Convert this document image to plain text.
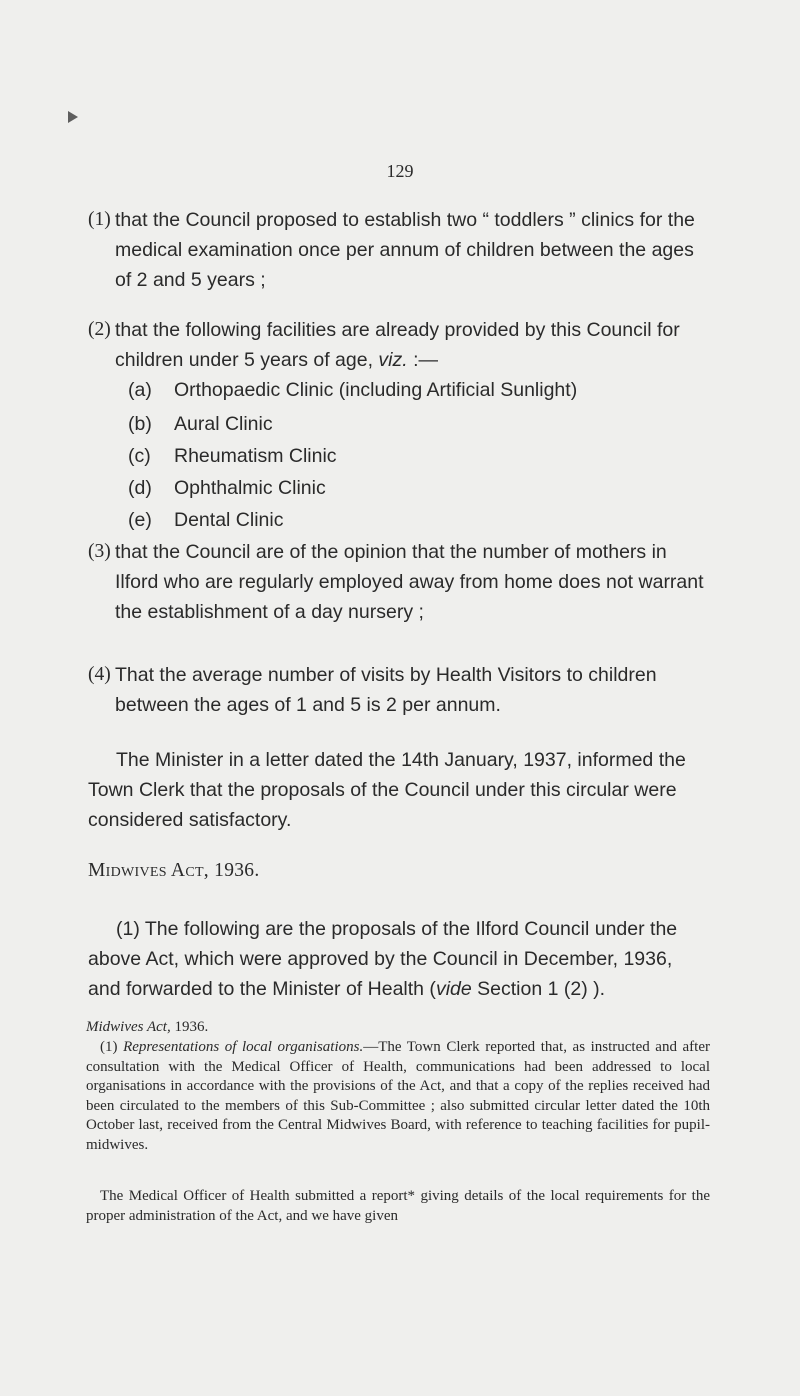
129
(1) that the Council proposed to establish two “ toddlers ” clinics for the medical examination once per annum of children between the ages of 2 and 5 years ;
(2) that the following facilities are already provided by this Council for children under 5 years of age, viz. :—
(a) Orthopaedic Clinic (including Artificial Sunlight)
(b) Aural Clinic
(c) Rheumatism Clinic
(d) Ophthalmic Clinic
(e) Dental Clinic
(3) that the Council are of the opinion that the number of mothers in Ilford who are regularly employed away from home does not warrant the establishment of a day nursery ;
(4) That the average number of visits by Health Visitors to children between the ages of 1 and 5 is 2 per annum.
The Minister in a letter dated the 14th January, 1937, informed the Town Clerk that the proposals of the Council under this circular were considered satisfactory.
Midwives Act, 1936.
(1) The following are the proposals of the Ilford Council under the above Act, which were approved by the Council in December, 1936, and forwarded to the Minister of Health (vide Section 1 (2) ).
Midwives Act, 1936.
(1) Representations of local organisations.—The Town Clerk reported that, as instructed and after consultation with the Medical Officer of Health, communications had been addressed to local organisations in accordance with the provisions of the Act, and that a copy of the replies received had been circulated to the members of this Sub-Committee ; also submitted circular letter dated the 10th October last, received from the Central Midwives Board, with reference to teaching facilities for pupil-midwives.
The Medical Officer of Health submitted a report* giving details of the local requirements for the proper administration of the Act, and we have given
